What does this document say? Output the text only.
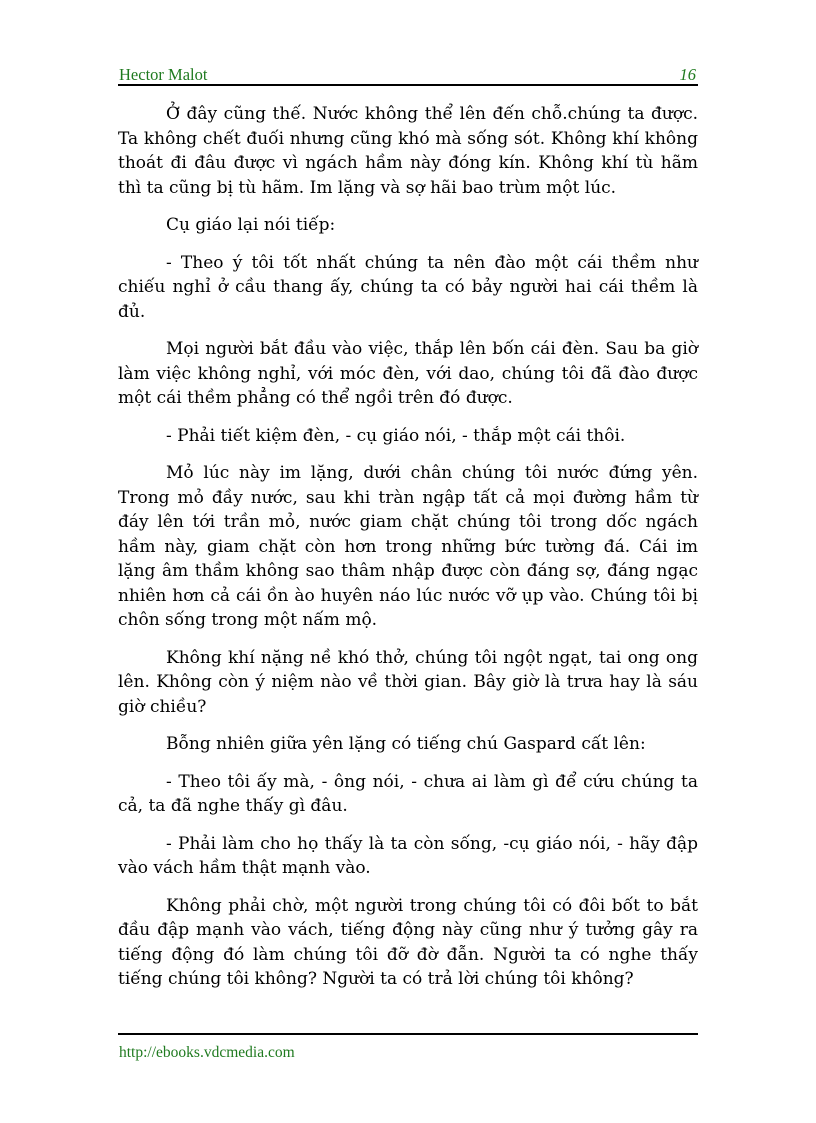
Hector Malot	16

Ở đây cũng thế. Nước không thể lên đến chỗ.chúng ta được. Ta không chết đuối nhưng cũng khó mà sống sót. Không khí không thoát đi đâu được vì ngách hầm này đóng kín. Không khí tù hãm thì ta cũng bị tù hãm. Im lặng và sợ hãi bao trùm một lúc.

Cụ giáo lại nói tiếp:

- Theo ý tôi tốt nhất chúng ta nên đào một cái thềm như chiếu nghỉ ở cầu thang ấy, chúng ta có bảy người hai cái thềm là đủ.

Mọi người bắt đầu vào việc, thắp lên bốn cái đèn. Sau ba giờ làm việc không nghỉ, với móc đèn, với dao, chúng tôi đã đào được một cái thềm phẳng có thể ngồi trên đó được.

- Phải tiết kiệm đèn, - cụ giáo nói, - thắp một cái thôi.

Mỏ lúc này im lặng, dưới chân chúng tôi nước đứng yên. Trong mỏ đầy nước, sau khi tràn ngập tất cả mọi đường hầm từ đáy lên tới trần mỏ, nước giam chặt chúng tôi trong dốc ngách hầm này, giam chặt còn hơn trong những bức tường đá. Cái im lặng âm thầm không sao thâm nhập được còn đáng sợ, đáng ngạc nhiên hơn cả cái ồn ào huyên náo lúc nước vỡ ụp vào. Chúng tôi bị chôn sống trong một nấm mộ.

Không khí nặng nề khó thở, chúng tôi ngột ngạt, tai ong ong lên. Không còn ý niệm nào về thời gian. Bây giờ là trưa hay là sáu giờ chiều?

Bỗng nhiên giữa yên lặng có tiếng chú Gaspard cất lên:

- Theo tôi ấy mà, - ông nói, - chưa ai làm gì để cứu chúng ta cả, ta đã nghe thấy gì đâu.

- Phải làm cho họ thấy là ta còn sống, -cụ giáo nói, - hãy đập vào vách hầm thật mạnh vào.

Không phải chờ, một người trong chúng tôi có đôi bốt to bắt đầu đập mạnh vào vách, tiếng động này cũng như ý tưởng gây ra tiếng động đó làm chúng tôi đỡ đờ đẫn. Người ta có nghe thấy tiếng chúng tôi không? Người ta có trả lời chúng tôi không?

http://ebooks.vdcmedia.com
